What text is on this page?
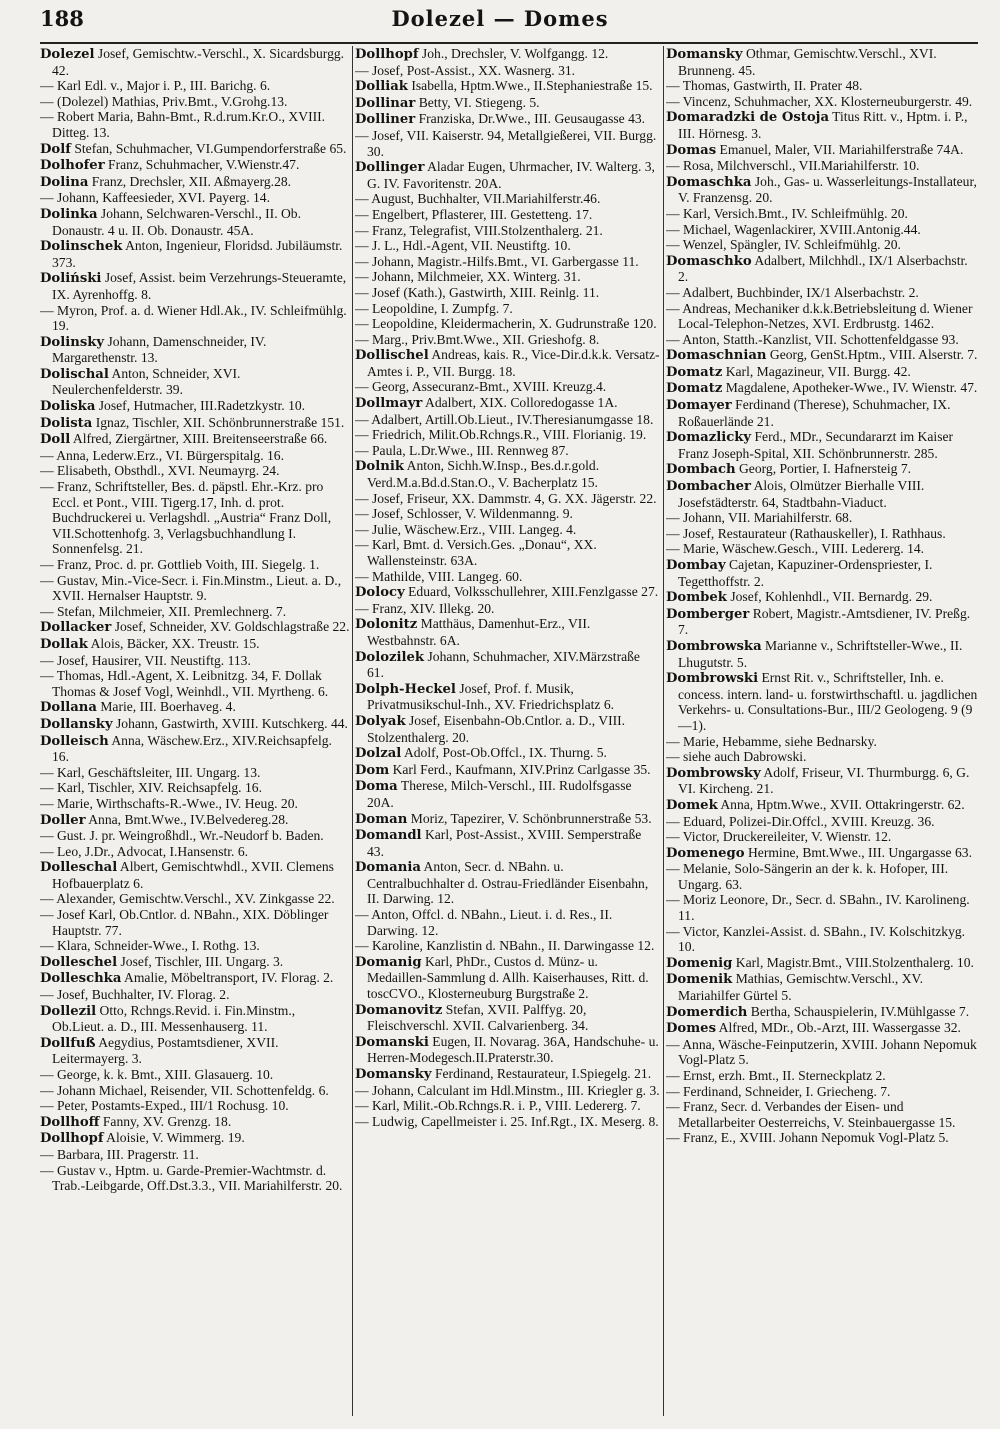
188	Dolezel — Domes

Dolezel Josef, Gemischtw.-Verschl., X. Sicardsburgg. 42.

— Karl Edl. v., Major i. P., III. Barichg. 6.

— (Dolezel) Mathias, Priv.Bmt., V.Grohg.13.

— Robert Maria, Bahn-Bmt., R.d.rum.Kr.O., XVIII. Ditteg. 13.

Dolf Stefan, Schuhmacher, VI.Gumpendorferstraße 65.

Dolhofer Franz, Schuhmacher, V.Wienstr.47.

Dolina Franz, Drechsler, XII. Aßmayerg.28.

— Johann, Kaffeesieder, XVI. Payerg. 14.

Dolinka Johann, Selchwaren-Verschl., II. Ob. Donaustr. 4 u. II. Ob. Donaustr. 45A.

Dolinschek Anton, Ingenieur, Floridsd. Jubiläumstr. 373.

Doliński Josef, Assist. beim Verzehrungs-Steueramte, IX. Ayrenhoffg. 8.

— Myron, Prof. a. d. Wiener Hdl.Ak., IV. Schleifmühlg. 19.

Dolinsky Johann, Damenschneider, IV. Margarethenstr. 13.

Dolischal Anton, Schneider, XVI. Neulerchenfelderstr. 39.

Doliska Josef, Hutmacher, III.Radetzkystr. 10.

Dolista Ignaz, Tischler, XII. Schönbrunnerstraße 151.

Doll Alfred, Ziergärtner, XIII. Breitenseerstraße 66.

— Anna, Lederw.Erz., VI. Bürgerspitalg. 16.

— Elisabeth, Obsthdl., XVI. Neumayrg. 24.

— Franz, Schriftsteller, Bes. d. päpstl. Ehr.-Krz. pro Eccl. et Pont., VIII. Tigerg.17, Inh. d. prot. Buchdruckerei u. Verlagshdl. „Austria“ Franz Doll, VII.Schottenhofg. 3, Verlagsbuchhandlung I. Sonnenfelsg. 21.

— Franz, Proc. d. pr. Gottlieb Voith, III. Siegelg. 1.

— Gustav, Min.-Vice-Secr. i. Fin.Minstm., Lieut. a. D., XVII. Hernalser Hauptstr. 9.

— Stefan, Milchmeier, XII. Premlechnerg. 7.

Dollacker Josef, Schneider, XV. Goldschlagstraße 22.

Dollak Alois, Bäcker, XX. Treustr. 15.

— Josef, Hausirer, VII. Neustiftg. 113.

— Thomas, Hdl.-Agent, X. Leibnitzg. 34, F. Dollak Thomas & Josef Vogl, Weinhdl., VII. Myrtheng. 6.

Dollana Marie, III. Boerhaveg. 4.

Dollansky Johann, Gastwirth, XVIII. Kutschkerg. 44.

Dolleisch Anna, Wäschew.Erz., XIV.Reichsapfelg. 16.

— Karl, Geschäftsleiter, III. Ungarg. 13.

— Karl, Tischler, XIV. Reichsapfelg. 16.

— Marie, Wirthschafts-R.-Wwe., IV. Heug. 20.

Doller Anna, Bmt.Wwe., IV.Belvedereg.28.

— Gust. J. pr. Weingroßhdl., Wr.-Neudorf b. Baden.

— Leo, J.Dr., Advocat, I.Hansenstr. 6.

Dolleschal Albert, Gemischtwhdl., XVII. Clemens Hofbauerplatz 6.

— Alexander, Gemischtw.Verschl., XV. Zinkgasse 22.

— Josef Karl, Ob.Cntlor. d. NBahn., XIX. Döblinger Hauptstr. 77.

— Klara, Schneider-Wwe., I. Rothg. 13.

Dolleschel Josef, Tischler, III. Ungarg. 3.

Dolleschka Amalie, Möbeltransport, IV. Florag. 2.

— Josef, Buchhalter, IV. Florag. 2.

Dollezil Otto, Rchngs.Revid. i. Fin.Minstm., Ob.Lieut. a. D., III. Messenhauserg. 11.

Dollfuß Aegydius, Postamtsdiener, XVII. Leitermayerg. 3.

— George, k. k. Bmt., XIII. Glasauerg. 10.

— Johann Michael, Reisender, VII. Schottenfeldg. 6.

— Peter, Postamts-Exped., III/1 Rochusg. 10.

Dollhoff Fanny, XV. Grenzg. 18.

Dollhopf Aloisie, V. Wimmerg. 19.

— Barbara, III. Pragerstr. 11.

— Gustav v., Hptm. u. Garde-Premier-Wachtmstr. d. Trab.-Leibgarde, Off.Dst.3.3., VII. Mariahilferstr. 20.

Dollhopf Joh., Drechsler, V. Wolfgangg. 12.

— Josef, Post-Assist., XX. Wasnerg. 31.

Dolliak Isabella, Hptm.Wwe., II.Stephaniestraße 15.

Dollinar Betty, VI. Stiegeng. 5.

Dolliner Franziska, Dr.Wwe., III. Geusaugasse 43.

— Josef, VII. Kaiserstr. 94, Metallgießerei, VII. Burgg. 30.

Dollinger Aladar Eugen, Uhrmacher, IV. Walterg. 3, G. IV. Favoritenstr. 20A.

— August, Buchhalter, VII.Mariahilferstr.46.

— Engelbert, Pflasterer, III. Gestetteng. 17.

— Franz, Telegrafist, VIII.Stolzenthalerg. 21.

— J. L., Hdl.-Agent, VII. Neustiftg. 10.

— Johann, Magistr.-Hilfs.Bmt., VI. Garbergasse 11.

— Johann, Milchmeier, XX. Winterg. 31.

— Josef (Kath.), Gastwirth, XIII. Reinlg. 11.

— Leopoldine, I. Zumpfg. 7.

— Leopoldine, Kleidermacherin, X. Gudrunstraße 120.

— Marg., Priv.Bmt.Wwe., XII. Grieshofg. 8.

Dollischel Andreas, kais. R., Vice-Dir.d.k.k. Versatz-Amtes i. P., VII. Burgg. 18.

— Georg, Assecuranz-Bmt., XVIII. Kreuzg.4.

Dollmayr Adalbert, XIX. Colloredogasse 1A.

— Adalbert, Artill.Ob.Lieut., IV.Theresianumgasse 18.

— Friedrich, Milit.Ob.Rchngs.R., VIII. Florianig. 19.

— Paula, L.Dr.Wwe., III. Rennweg 87.

Dolnik Anton, Sichh.W.Insp., Bes.d.r.gold. Verd.M.a.Bd.d.Stan.O., V. Bacherplatz 15.

— Josef, Friseur, XX. Dammstr. 4, G. XX. Jägerstr. 22.

— Josef, Schlosser, V. Wildenmanng. 9.

— Julie, Wäschew.Erz., VIII. Langeg. 4.

— Karl, Bmt. d. Versich.Ges. „Donau“, XX. Wallensteinstr. 63A.

— Mathilde, VIII. Langeg. 60.

Dolocy Eduard, Volksschullehrer, XIII.Fenzlgasse 27.

— Franz, XIV. Illekg. 20.

Dolonitz Matthäus, Damenhut-Erz., VII. Westbahnstr. 6A.

Dolozilek Johann, Schuhmacher, XIV.Märzstraße 61.

Dolph-Heckel Josef, Prof. f. Musik, Privatmusikschul-Inh., XV. Friedrichsplatz 6.

Dolyak Josef, Eisenbahn-Ob.Cntlor. a. D., VIII. Stolzenthalerg. 20.

Dolzal Adolf, Post-Ob.Offcl., IX. Thurng. 5.

Dom Karl Ferd., Kaufmann, XIV.Prinz Carlgasse 35.

Doma Therese, Milch-Verschl., III. Rudolfsgasse 20A.

Doman Moriz, Tapezirer, V. Schönbrunnerstraße 53.

Domandl Karl, Post-Assist., XVIII. Semperstraße 43.

Domania Anton, Secr. d. NBahn. u. Centralbuchhalter d. Ostrau-Friedländer Eisenbahn, II. Darwing. 12.

— Anton, Offcl. d. NBahn., Lieut. i. d. Res., II. Darwing. 12.

— Karoline, Kanzlistin d. NBahn., II. Darwingasse 12.

Domanig Karl, PhDr., Custos d. Münz- u. Medaillen-Sammlung d. Allh. Kaiserhauses, Ritt. d. toscCVO., Klosterneuburg Burgstraße 2.

Domanovitz Stefan, XVII. Palffyg. 20, Fleischverschl. XVII. Calvarienberg. 34.

Domanski Eugen, II. Novarag. 36A, Handschuhe- u. Herren-Modegesch.II.Praterstr.30.

Domansky Ferdinand, Restaurateur, I.Spiegelg. 21.

— Johann, Calculant im Hdl.Minstm., III. Kriegler g. 3.

— Karl, Milit.-Ob.Rchngs.R. i. P., VIII. Ledererg. 7.

— Ludwig, Capellmeister i. 25. Inf.Rgt., IX. Meserg. 8.

Domansky Othmar, Gemischtw.Verschl., XVI. Brunneng. 45.

— Thomas, Gastwirth, II. Prater 48.

— Vincenz, Schuhmacher, XX. Klosterneuburgerstr. 49.

Domaradzki de Ostoja Titus Ritt. v., Hptm. i. P., III. Hörnesg. 3.

Domas Emanuel, Maler, VII. Mariahilferstraße 74A.

— Rosa, Milchverschl., VII.Mariahilferstr. 10.

Domaschka Joh., Gas- u. Wasserleitungs-Installateur, V. Franzensg. 20.

— Karl, Versich.Bmt., IV. Schleifmühlg. 20.

— Michael, Wagenlackirer, XVIII.Antonig.44.

— Wenzel, Spängler, IV. Schleifmühlg. 20.

Domaschko Adalbert, Milchhdl., IX/1 Alserbachstr. 2.

— Adalbert, Buchbinder, IX/1 Alserbachstr. 2.

— Andreas, Mechaniker d.k.k.Betriebsleitung d. Wiener Local-Telephon-Netzes, XVI. Erdbrustg. 1462.

— Anton, Statth.-Kanzlist, VII. Schottenfeldgasse 93.

Domaschnian Georg, GenSt.Hptm., VIII. Alserstr. 7.

Domatz Karl, Magazineur, VII. Burgg. 42.

Domatz Magdalene, Apotheker-Wwe., IV. Wienstr. 47.

Domayer Ferdinand (Therese), Schuhmacher, IX. Roßauerlände 21.

Domazlicky Ferd., MDr., Secundararzt im Kaiser Franz Joseph-Spital, XII. Schönbrunnerstr. 285.

Dombach Georg, Portier, I. Hafnersteig 7.

Dombacher Alois, Olmützer Bierhalle VIII. Josefstädterstr. 64, Stadtbahn-Viaduct.

— Johann, VII. Mariahilferstr. 68.

— Josef, Restaurateur (Rathauskeller), I. Rathhaus.

— Marie, Wäschew.Gesch., VIII. Ledererg. 14.

Dombay Cajetan, Kapuziner-Ordenspriester, I. Tegetthoffstr. 2.

Dombek Josef, Kohlenhdl., VII. Bernardg. 29.

Domberger Robert, Magistr.-Amtsdiener, IV. Preßg. 7.

Dombrowska Marianne v., Schriftsteller-Wwe., II. Lhugutstr. 5.

Dombrowski Ernst Rit. v., Schriftsteller, Inh. e. concess. intern. land- u. forstwirthschaftl. u. jagdlichen Verkehrs- u. Consultations-Bur., III/2 Geologeng. 9 (9—1).

— Marie, Hebamme, siehe Bednarsky.

— siehe auch Dabrowski.

Dombrowsky Adolf, Friseur, VI. Thurmburgg. 6, G. VI. Kircheng. 21.

Domek Anna, Hptm.Wwe., XVII. Ottakringerstr. 62.

— Eduard, Polizei-Dir.Offcl., XVIII. Kreuzg. 36.

— Victor, Druckereileiter, V. Wienstr. 12.

Domenego Hermine, Bmt.Wwe., III. Ungargasse 63.

— Melanie, Solo-Sängerin an der k. k. Hofoper, III. Ungarg. 63.

— Moriz Leonore, Dr., Secr. d. SBahn., IV. Karolineng. 11.

— Victor, Kanzlei-Assist. d. SBahn., IV. Kolschitzkyg. 10.

Domenig Karl, Magistr.Bmt., VIII.Stolzenthalerg. 10.

Domenik Mathias, Gemischtw.Verschl., XV. Mariahilfer Gürtel 5.

Domerdich Bertha, Schauspielerin, IV.Mühlgasse 7.

Domes Alfred, MDr., Ob.-Arzt, III. Wassergasse 32.

— Anna, Wäsche-Feinputzerin, XVIII. Johann Nepomuk Vogl-Platz 5.

— Ernst, erzh. Bmt., II. Sterneckplatz 2.

— Ferdinand, Schneider, I. Griecheng. 7.

— Franz, Secr. d. Verbandes der Eisen- und Metallarbeiter Oesterreichs, V. Steinbauergasse 15.

— Franz, E., XVIII. Johann Nepomuk Vogl-Platz 5.
